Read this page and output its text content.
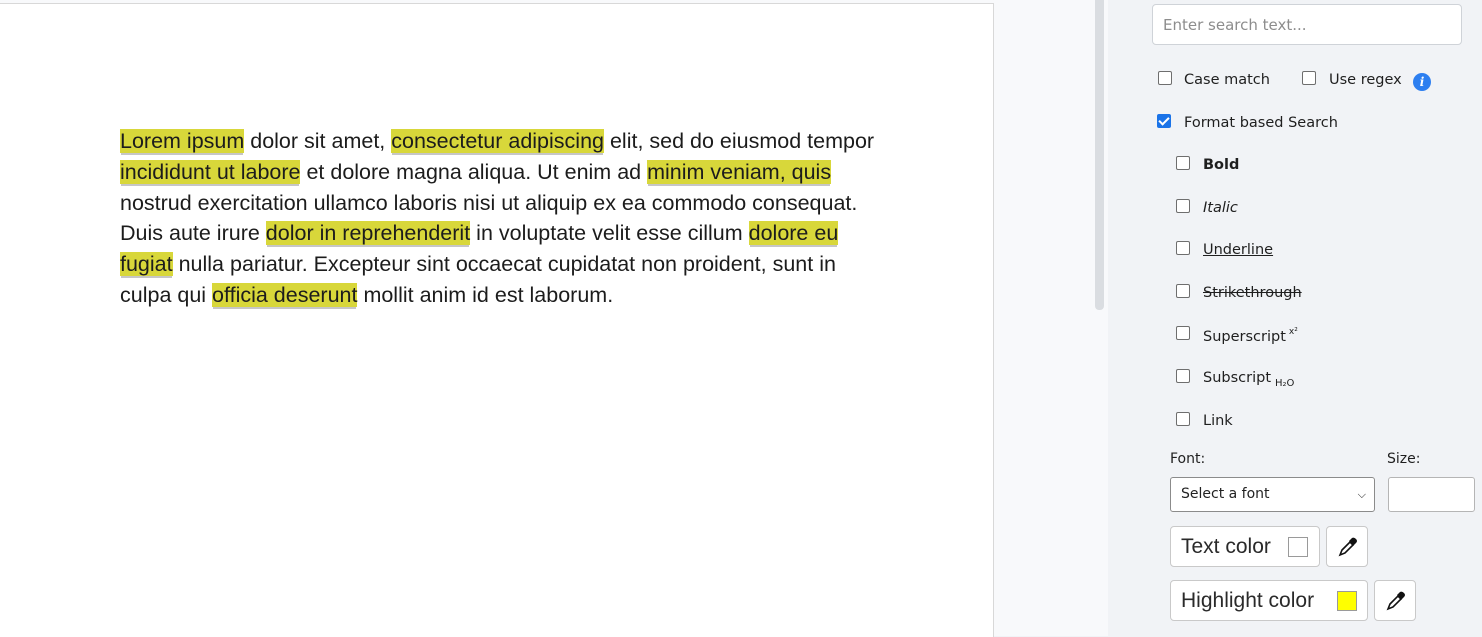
Lorem ipsum dolor sit amet, consectetur adipiscing elit, sed do eiusmod tempor incididunt ut labore et dolore magna aliqua. Ut enim ad minim veniam, quis nostrud exercitation ullamco laboris nisi ut aliquip ex ea commodo consequat. Duis aute irure dolor in reprehenderit in voluptate velit esse cillum dolore eu fugiat nulla pariatur. Excepteur sint occaecat cupidatat non proident, sunt in culpa qui officia deserunt mollit anim id est laborum.
Enter search text...
Case match	Use regex	i
Format based Search
Bold
Italic
Underline
Strikethrough
Superscript $^{x^2}$
Subscript $_{H_2O}$
Link
Font:	Size:
Select a font	⌵
Text color
Highlight color
